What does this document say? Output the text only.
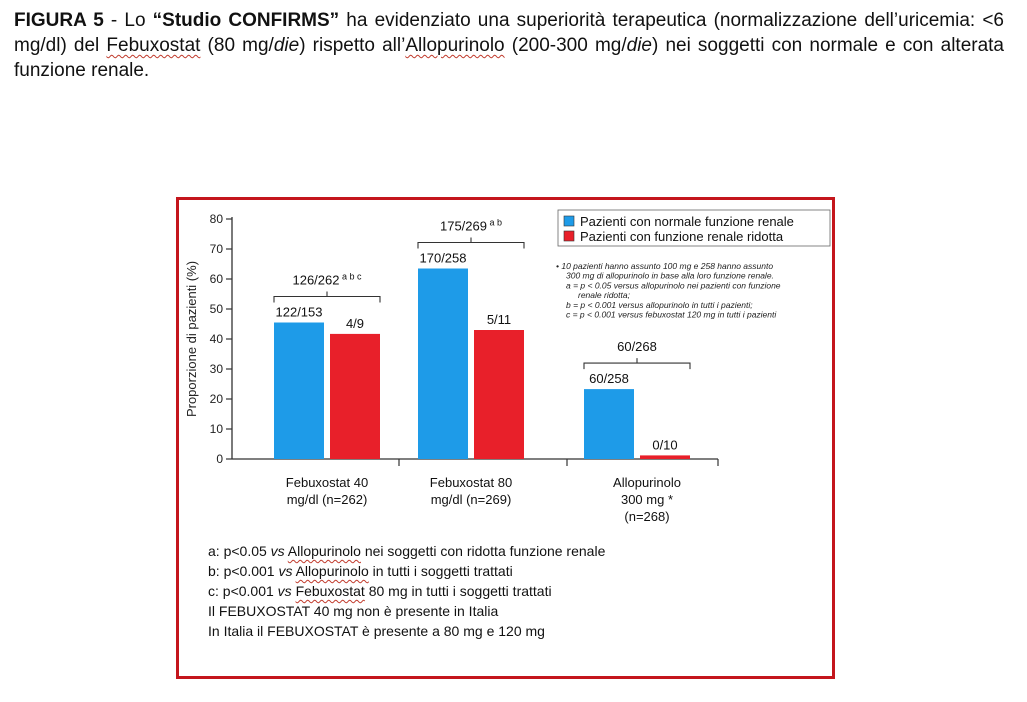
FIGURA 5 - Lo “Studio CONFIRMS” ha evidenziato una superiorità terapeutica (normalizzazione dell’uricemia: <6 mg/dl) del Febuxostat (80 mg/die) rispetto all’Allopurinolo (200-300 mg/die) nei soggetti con normale e con alterata funzione renale.
0
10
20
30
40
50
60
70
80
Proporzione di pazienti (%)
Febuxostat 40
mg/dl (n=262)
Febuxostat 80
mg/dl (n=269)
Allopurinolo
300 mg *
(n=268)
122/153
170/258
60/258
4/9	5/11
0/10
126/262 $^{a b c}$
175/269 $^{a b}$
60/268
Pazienti con normale funzione renale
Pazienti con funzione renale ridotta
• 10 pazienti hanno assunto 100 mg e 258 hanno assunto
300 mg di allopurinolo in base alla loro funzione renale.
a = p < 0.05 versus allopurinolo nei pazienti con funzione
renale ridotta;
b = p < 0.001 versus allopurinolo in tutti i pazienti;
c = p < 0.001 versus febuxostat 120 mg in tutti i pazienti
a: p<0.05 vs Allopurinolo nei soggetti con ridotta funzione renale
b: p<0.001 vs Allopurinolo in tutti i soggetti trattati
c: p<0.001 vs Febuxostat 80 mg in tutti i soggetti trattati
Il FEBUXOSTAT 40 mg non è presente in Italia
In Italia il FEBUXOSTAT è presente a 80 mg e 120 mg
